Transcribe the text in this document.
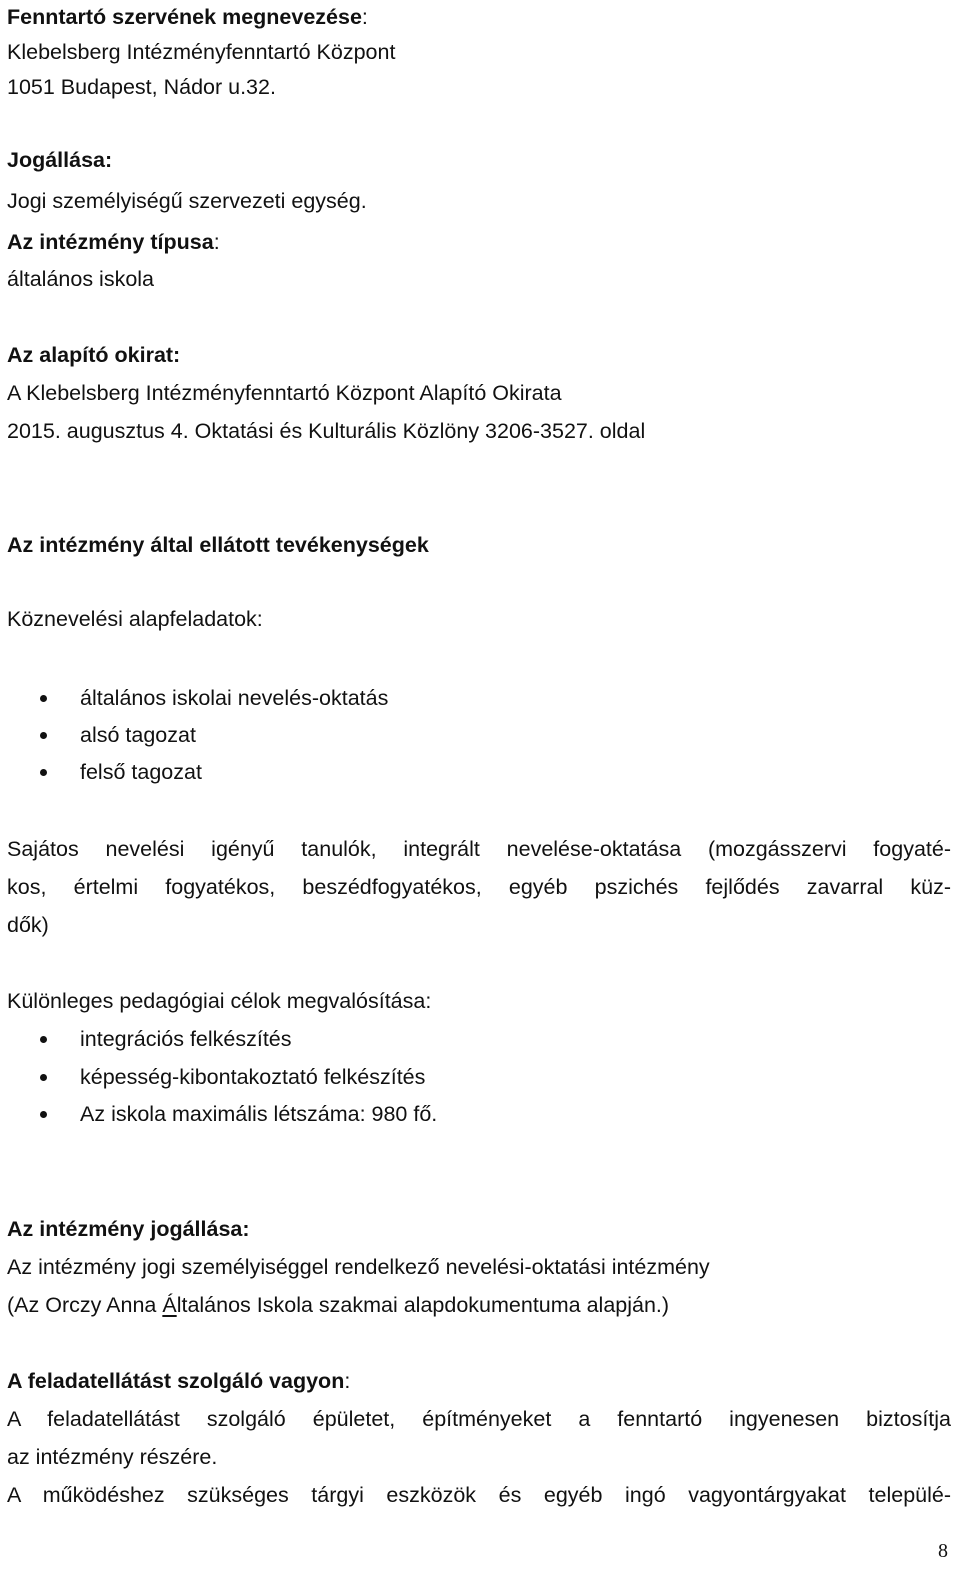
Fenntartó szervének megnevezése:
Klebelsberg Intézményfenntartó Központ
1051 Budapest, Nádor u.32.
Jogállása:
Jogi személyiségű szervezeti egység.
Az intézmény típusa:
általános iskola
Az alapító okirat:
A Klebelsberg Intézményfenntartó Központ Alapító Okirata
2015. augusztus 4. Oktatási és Kulturális Közlöny 3206-3527. oldal
Az intézmény által ellátott tevékenységek
Köznevelési alapfeladatok:
általános iskolai nevelés-oktatás
alsó tagozat
felső tagozat
Sajátos nevelési igényű tanulók, integrált nevelése-oktatása (mozgásszervi fogyaté-
kos, értelmi fogyatékos, beszédfogyatékos, egyéb pszichés fejlődés zavarral küz-
dők)
Különleges pedagógiai célok megvalósítása:
integrációs felkészítés
képesség-kibontakoztató felkészítés
Az iskola maximális létszáma: 980 fő.
Az intézmény jogállása:
Az intézmény jogi személyiséggel rendelkező nevelési-oktatási intézmény
(Az Orczy Anna Általános Iskola szakmai alapdokumentuma alapján.)
A feladatellátást szolgáló vagyon:
A feladatellátást szolgáló épületet, építményeket a fenntartó ingyenesen biztosítja
az intézmény részére.
A működéshez szükséges tárgyi eszközök és egyéb ingó vagyontárgyakat települé-
8
